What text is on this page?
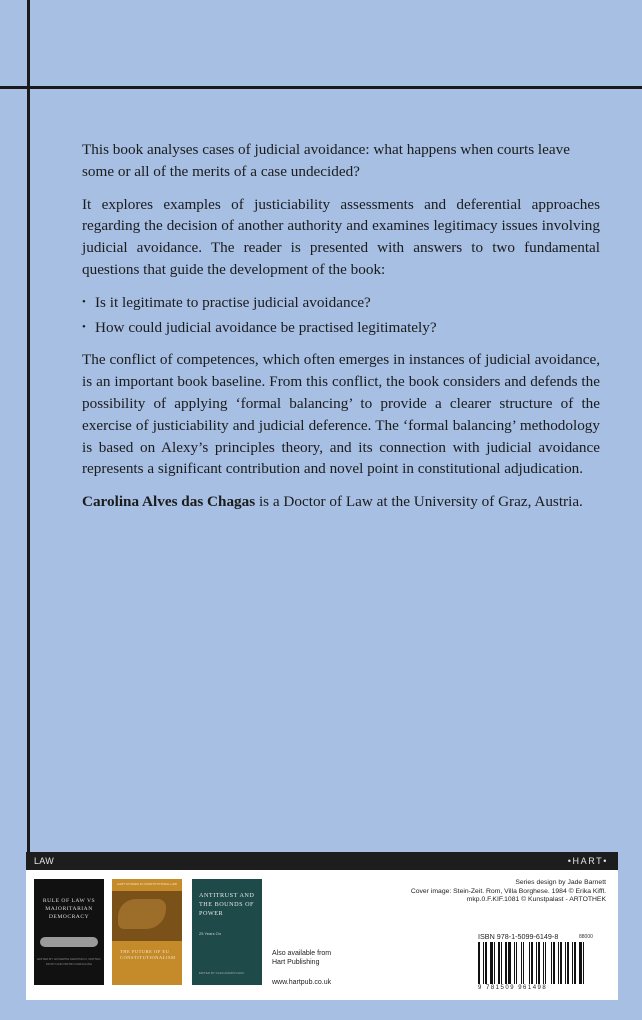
This book analyses cases of judicial avoidance: what happens when courts leave some or all of the merits of a case undecided?

It explores examples of justiciability assessments and deferential approaches regarding the decision of another authority and examines legitimacy issues involving judicial avoidance. The reader is presented with answers to two fundamental questions that guide the development of the book:

• Is it legitimate to practise judicial avoidance?
• How could judicial avoidance be practised legitimately?

The conflict of competences, which often emerges in instances of judicial avoidance, is an important book baseline. From this conflict, the book considers and defends the possibility of applying ‘formal balancing’ to provide a clearer structure of the exercise of justiciability and judicial deference. The ‘formal balancing’ methodology is based on Alexy’s principles theory, and its connection with judicial avoidance represents a significant contribution and novel point in constitutional adjudication.

Carolina Alves das Chagas is a Doctor of Law at the University of Graz, Austria.

LAW	•HART•
RULE OF LAW VS MAJORITARIAN DEMOCRACY
EDITED BY GIUSEPPE MARTINICO, MATTEO MONTI AND PIETRO FARAGUNA
HART STUDIES IN CONSTITUTIONAL LAW
THE FUTURE OF EU CONSTITUTIONALISM
ANTITRUST AND THE BOUNDS OF POWER
25 Years On
EDITED BY OLES ANDRIYCHUK
Also available from
Hart Publishing
www.hartpub.co.uk
Series design by Jade Barnett
Cover image: Stein-Zeit. Rom, Villa Borghese. 1984 © Erika Kiffl.
mkp.0.F.KIF.1081 © Kunstpalast - ARTOTHEK
ISBN 978-1-5099-6149-8	88000
9 781509 961498
